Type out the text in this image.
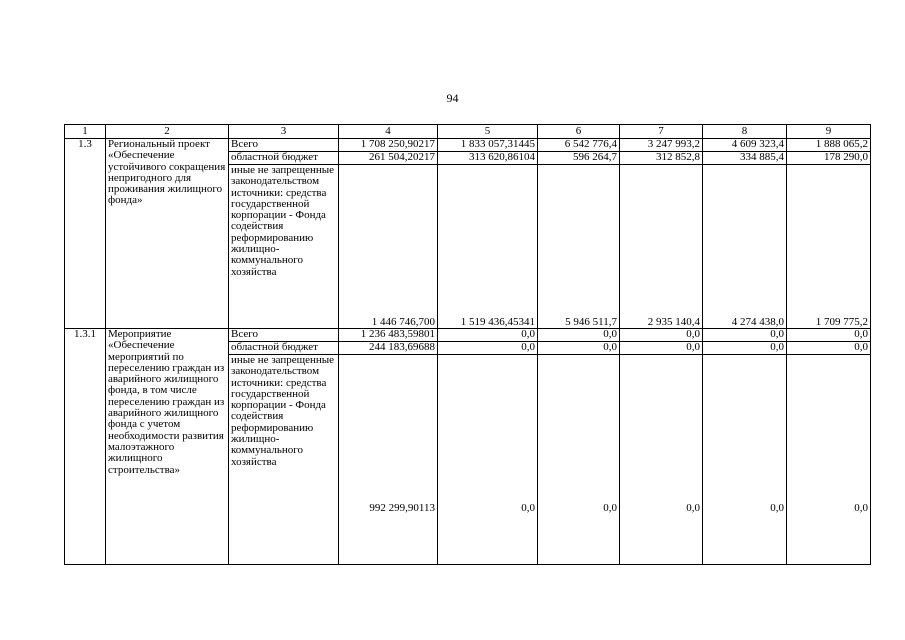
94
1	2	3	4	5	6	7	8	9
1.3	Региональный проект «Обеспечение устойчивого сокращения непригодного для проживания жилищного фонда»	Всего	1 708 250,90217	1 833 057,31445	6 542 776,4	3 247 993,2	4 609 323,4	1 888 065,2
		областной бюджет	261 504,20217	313 620,86104	596 264,7	312 852,8	334 885,4	178 290,0
		иные не запрещенные законодательством источники: средства государственной корпорации - Фонда содействия реформированию жилищно-коммунального хозяйства	1 446 746,700	1 519 436,45341	5 946 511,7	2 935 140,4	4 274 438,0	1 709 775,2
1.3.1	Мероприятие «Обеспечение мероприятий по переселению граждан из аварийного жилищного фонда, в том числе переселению граждан из аварийного жилищного фонда с учетом необходимости развития малоэтажного жилищного строительства»	Всего	1 236 483,59801	0,0	0,0	0,0	0,0	0,0
		областной бюджет	244 183,69688	0,0	0,0	0,0	0,0	0,0
		иные не запрещенные законодательством источники: средства государственной корпорации - Фонда содействия реформированию жилищно-коммунального хозяйства	992 299,90113	0,0	0,0	0,0	0,0	0,0
